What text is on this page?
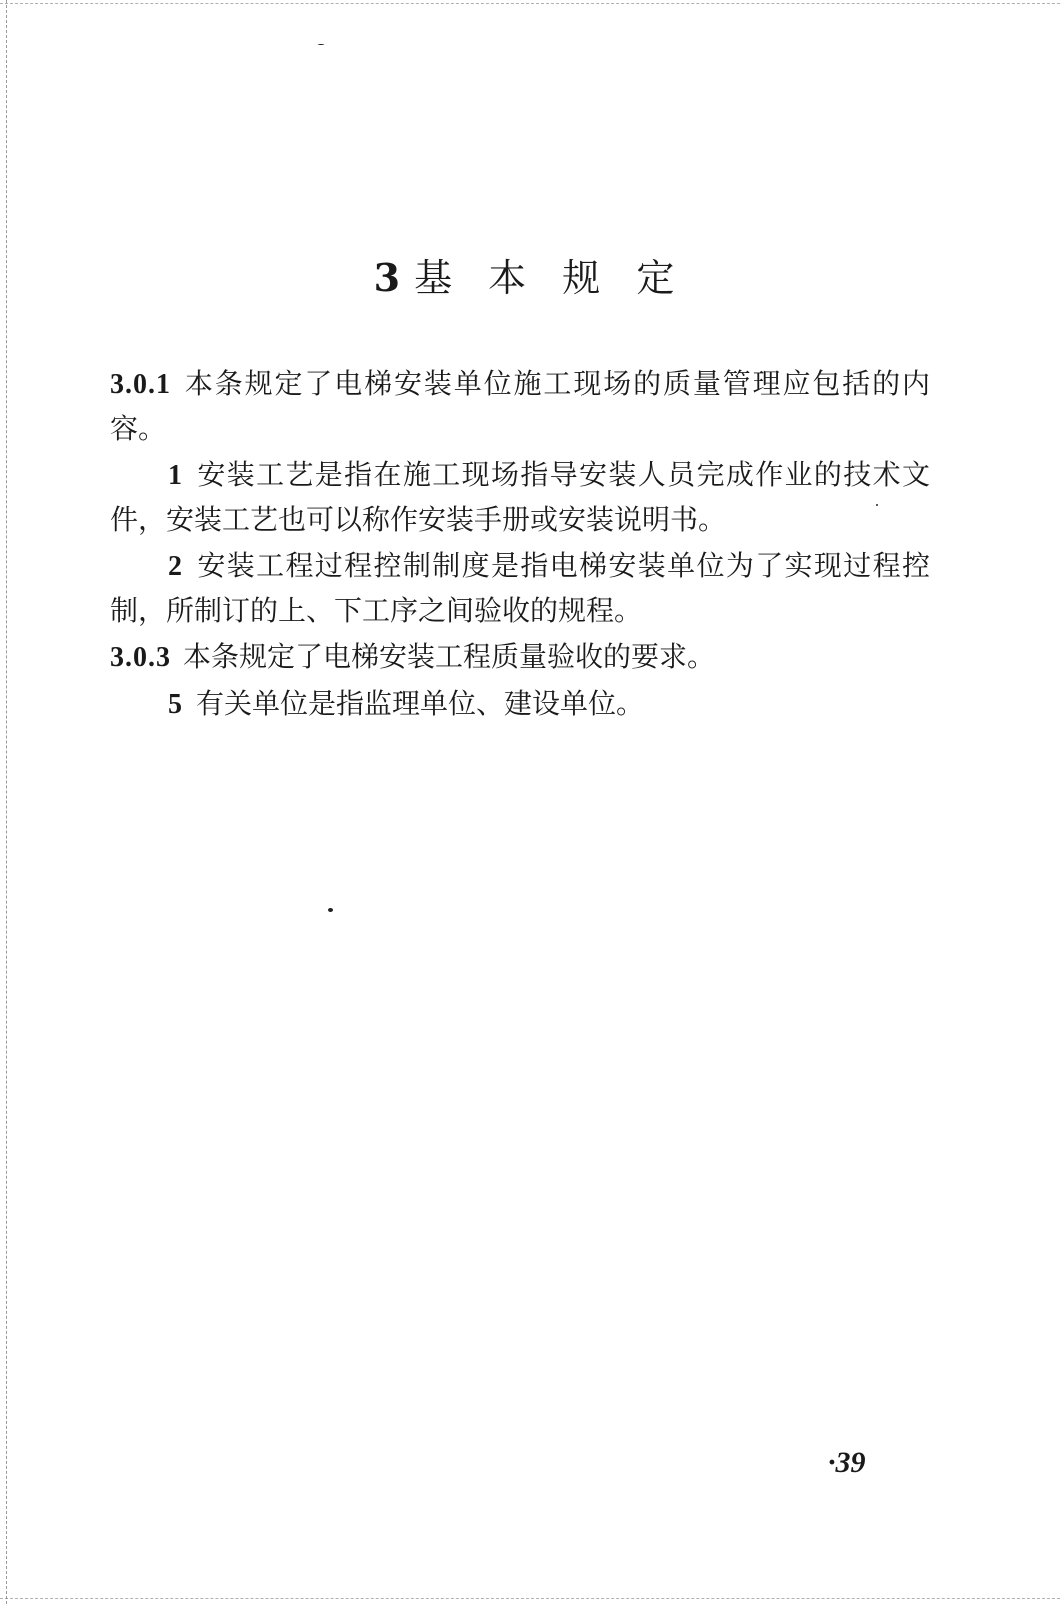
3 基 本 规 定

3.0.1 本条规定了电梯安装单位施工现场的质量管理应包括的内容。

1 安装工艺是指在施工现场指导安装人员完成作业的技术文件，安装工艺也可以称作安装手册或安装说明书。

2 安装工程过程控制制度是指电梯安装单位为了实现过程控制，所制订的上、下工序之间验收的规程。

3.0.3 本条规定了电梯安装工程质量验收的要求。

5 有关单位是指监理单位、建设单位。

·39
